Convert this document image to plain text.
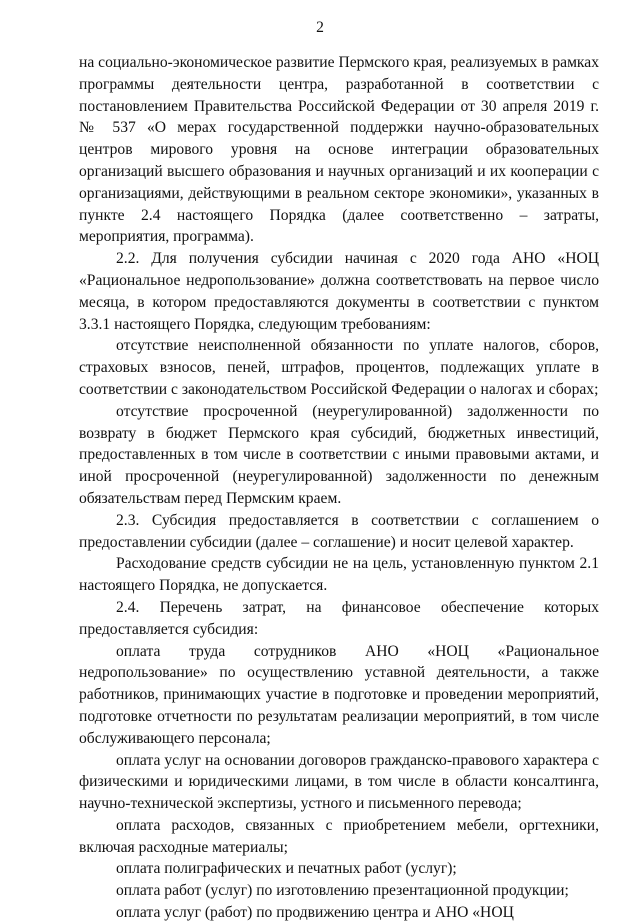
2

на социально-экономическое развитие Пермского края, реализуемых в рамках программы деятельности центра, разработанной в соответствии с постановлением Правительства Российской Федерации от 30 апреля 2019 г. № 537 «О мерах государственной поддержки научно-образовательных центров мирового уровня на основе интеграции образовательных организаций высшего образования и научных организаций и их кооперации с организациями, действующими в реальном секторе экономики», указанных в пункте 2.4 настоящего Порядка (далее соответственно – затраты, мероприятия, программа).

2.2. Для получения субсидии начиная с 2020 года АНО «НОЦ «Рациональное недропользование» должна соответствовать на первое число месяца, в котором предоставляются документы в соответствии с пунктом 3.3.1 настоящего Порядка, следующим требованиям:

отсутствие неисполненной обязанности по уплате налогов, сборов, страховых взносов, пеней, штрафов, процентов, подлежащих уплате в соответствии с законодательством Российской Федерации о налогах и сборах;

отсутствие просроченной (неурегулированной) задолженности по возврату в бюджет Пермского края субсидий, бюджетных инвестиций, предоставленных в том числе в соответствии с иными правовыми актами, и иной просроченной (неурегулированной) задолженности по денежным обязательствам перед Пермским краем.

2.3. Субсидия предоставляется в соответствии с соглашением о предоставлении субсидии (далее – соглашение) и носит целевой характер.

Расходование средств субсидии не на цель, установленную пунктом 2.1 настоящего Порядка, не допускается.

2.4. Перечень затрат, на финансовое обеспечение которых предоставляется субсидия:

оплата труда сотрудников АНО «НОЦ «Рациональное недропользование» по осуществлению уставной деятельности, а также работников, принимающих участие в подготовке и проведении мероприятий, подготовке отчетности по результатам реализации мероприятий, в том числе обслуживающего персонала;

оплата услуг на основании договоров гражданско-правового характера с физическими и юридическими лицами, в том числе в области консалтинга, научно-технической экспертизы, устного и письменного перевода;

оплата расходов, связанных с приобретением мебели, оргтехники, включая расходные материалы;

оплата полиграфических и печатных работ (услуг);

оплата работ (услуг) по изготовлению презентационной продукции;

оплата услуг (работ) по продвижению центра и АНО «НОЦ
